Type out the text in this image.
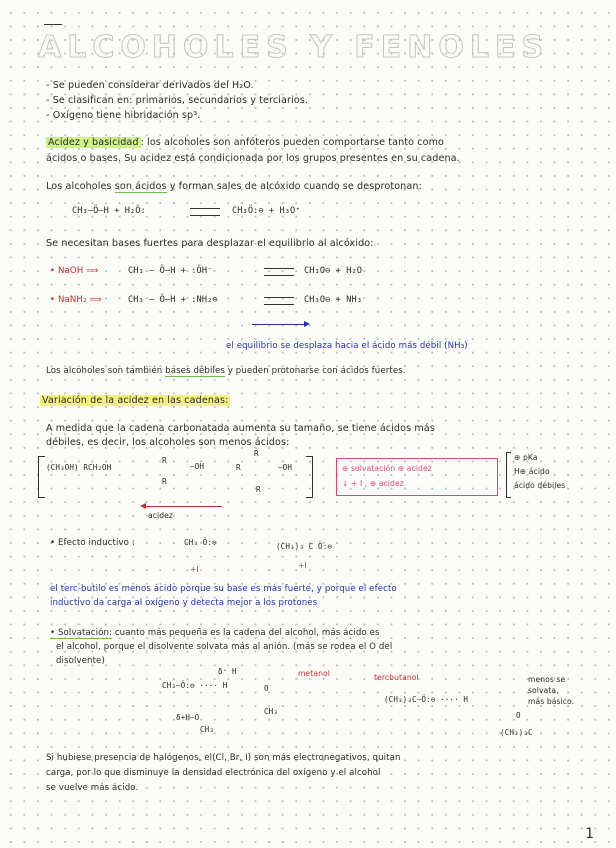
ALCOHOLES Y FENOLES
- Se pueden considerar derivados del H₂O.
- Se clasifican en: primarios, secundarios y terciarios.
- Oxígeno tiene hibridación sp³.
Acidez y basicidad : los alcoholes son anfóteros pueden comportarse tanto como
ácidos o bases. Su acidez está condicionada por los grupos presentes en su cadena.
Los alcoholes son ácidos y forman sales de alcóxido cuando se desprotonan:
CH₃–Ö–H + H₂Ö:	CH₃Ö:⊖ + H₃O⁺
Se necesitan bases fuertes para desplazar el equilibrio al alcóxido:
• NaOH ⟹	CH₃ – Ö–H + :ÖH⁻	CH₃O⊖ + H₂O
• NaNH₂ ⟹	CH₃ – Ö–H + :NH₂⊖	CH₃O⊖ + NH₃
el equilibrio se desplaza hacia el ácido más débil (NH₃)
Los alcoholes son también bases débiles y pueden protonarse con ácidos fuertes.
Variación de la acidez en las cadenas:
A medida que la cadena carbonatada aumenta su tamaño, se tiene ácidos más
débiles, es decir, los alcoholes son menos ácidos:
(CH₃OH) RCH₂OH
R
—OH
R
R
—OH
R
R
⊕ solvatación ⊕ acidez
↓ + I , ⊕ acidez
⊕ pKa
H⊕ ácido
ácido débiles
acidez
• Efecto inductivo :	CH₃ Ö:⊖
+I
(CH₃)₃ C Ö:⊖
+I
el terc-butilo es menos ácido porque su base es más fuerte, y porque el efecto
inductivo da carga al oxígeno y detecta mejor a los protones
• Solvatación: cuanto más pequeña es la cadena del alcohol, más ácido es
el alcohol, porque el disolvente solvata más al anión. (más se rodea el O del
disolvente)
metanol	tercbutanol
δ⁺ H
CH₃–Ö:⊖ ···· H	O
CH₃
δ+H–O
CH₃
(CH₃)₃C–Ö:⊖ ···· H
O
(CH₃)₃C
menos se
solvata,
más básico.
Si hubiese presencia de halógenos, el(Cl, Br, I) son más electronegativos, quitan
carga, por lo que disminuye la densidad electrónica del oxígeno y el alcohol
se vuelve más ácido.
1
